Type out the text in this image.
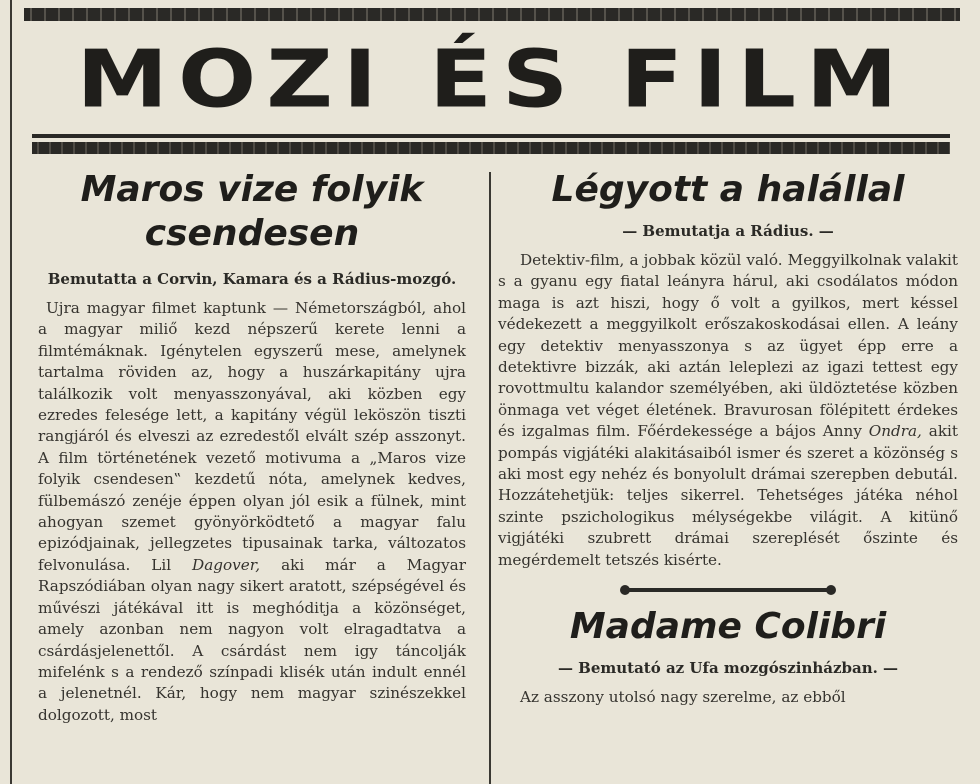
MOZI ÉS FILM
Maros vize folyik
csendesen
Bemutatta a Corvin, Kamara és a Rádius-mozgó.

Ujra magyar filmet kaptunk — Németországból, ahol a magyar miliő kezd népszerű kerete lenni a filmtémáknak. Igénytelen egyszerű mese, amelynek tartalma röviden az, hogy a huszárkapitány ujra találkozik volt menyasszonyával, aki közben egy ezredes felesége lett, a kapitány végül leköszön tiszti rangjáról és elveszi az ezredestől elvált szép asszonyt. A film történetének vezető motivuma a „Maros vize folyik csendesen‟ kezdetű nóta, amelynek kedves, fülbemászó zenéje éppen olyan jól esik a fülnek, mint ahogyan szemet gyönyörködtető a magyar falu epizódjainak, jellegzetes tipusainak tarka, változatos felvonulása. Lil Dagover, aki már a Magyar Rapszódiában olyan nagy sikert aratott, szépségével és művészi játékával itt is meghóditja a közönséget, amely azonban nem nagyon volt elragadtatva a csárdásjelenettől. A csárdást nem igy táncolják mifelénk s a rendező színpadi klisék után indult ennél a jelenetnél. Kár, hogy nem magyar szinészekkel dolgozott, most

Légyott a halállal
— Bemutatja a Rádius. —

Detektiv-film, a jobbak közül való. Meggyilkolnak valakit s a gyanu egy fiatal leányra hárul, aki csodálatos módon maga is azt hiszi, hogy ő volt a gyilkos, mert késsel védekezett a meggyilkolt erőszakoskodásai ellen. A leány egy detektiv menyasszonya s az ügyet épp erre a detektivre bizzák, aki aztán leleplezi az igazi tettest egy rovottmultu kalandor személyében, aki üldöztetése közben önmaga vet véget életének. Bravurosan fölépitett érdekes és izgalmas film. Főérdekessége a bájos Anny Ondra, akit pompás vigjátéki alakitásaiból ismer és szeret a közönség s aki most egy nehéz és bonyolult drámai szerepben debutál. Hozzátehetjük: teljes sikerrel. Tehetséges játéka néhol szinte pszichologikus mélységekbe világit. A kitünő vigjátéki szubrett drámai szereplését őszinte és megérdemelt tetszés kisérte.

Madame Colibri
— Bemutató az Ufa mozgószinházban. —

Az asszony utolsó nagy szerelme, az ebből
